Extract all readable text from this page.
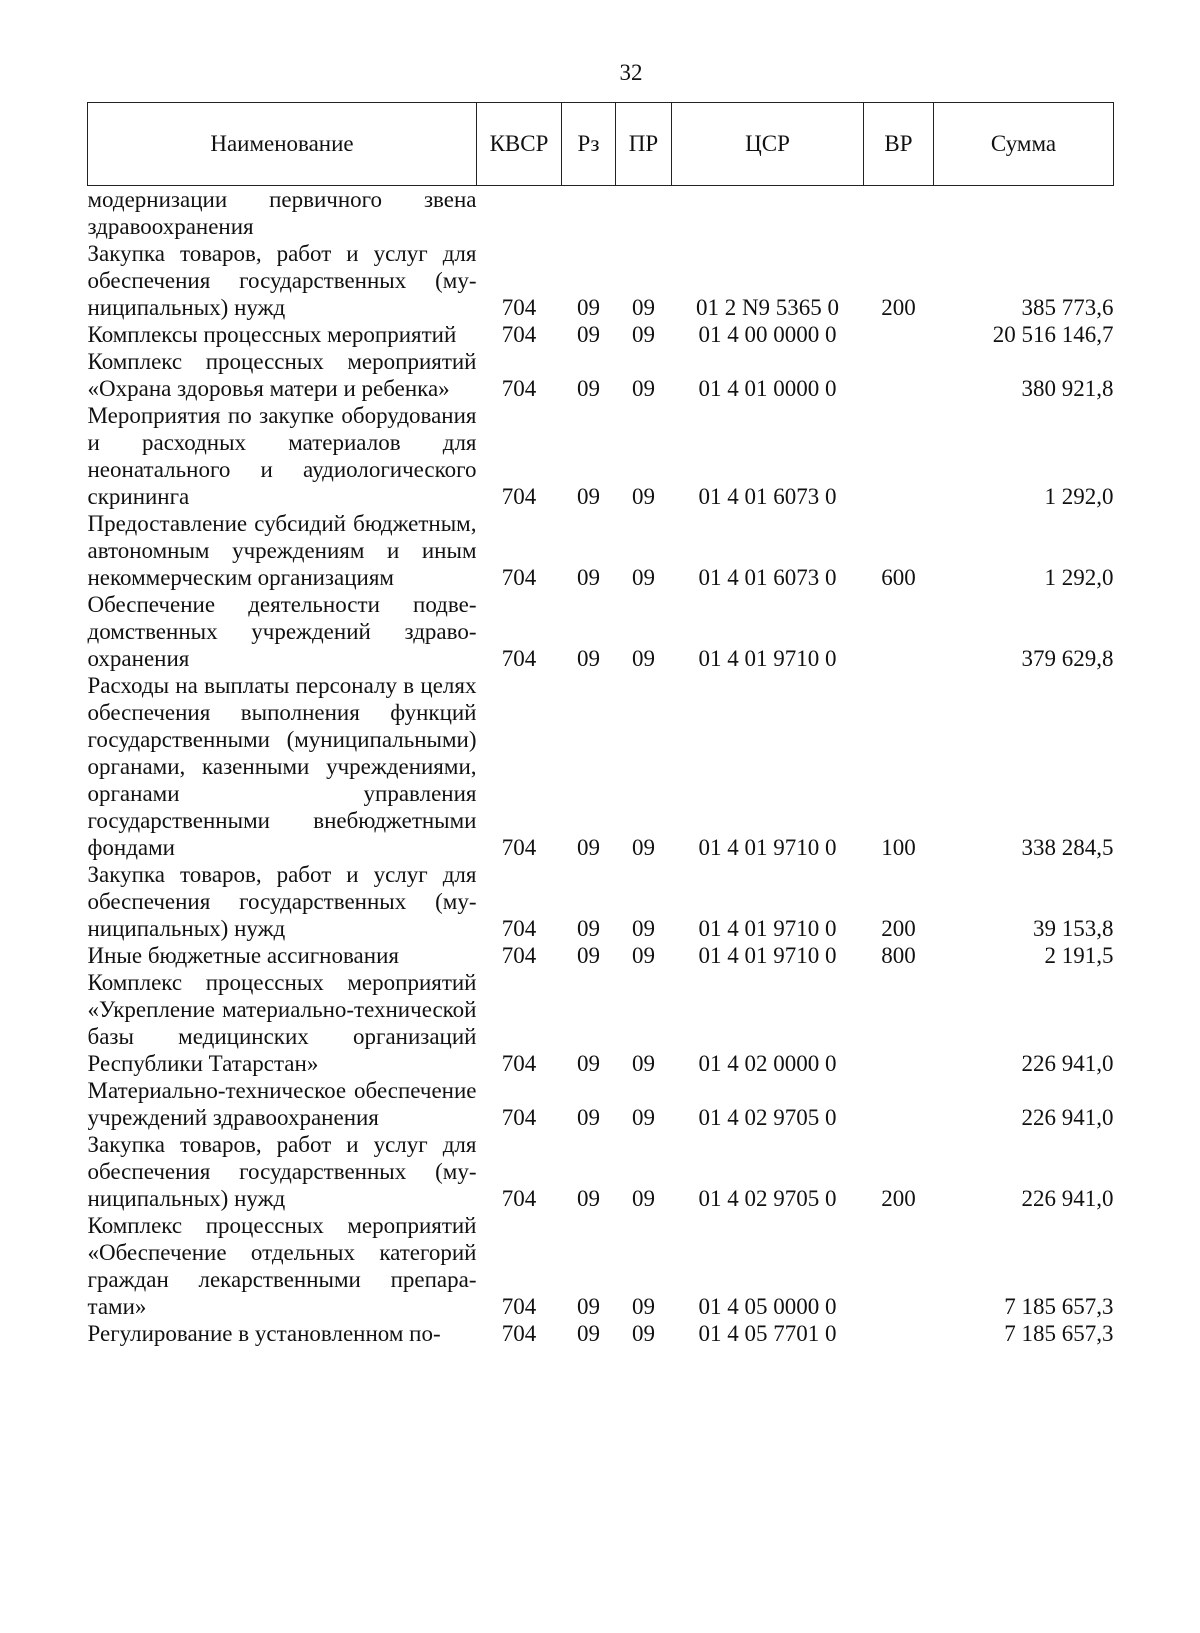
32
Наименование	КВСР	Рз	ПР	ЦСР	ВР	Сумма
модернизации первичного звена здравоохранения						
Закупка товаров, работ и услуг для обеспечения государственных (муниципальных) нужд	704	09	09	01 2 N9 5365 0	200	385 773,6
Комплексы процессных мероприятий	704	09	09	01 4 00 0000 0		20 516 146,7
Комплекс процессных мероприятий «Охрана здоровья матери и ребенка»	704	09	09	01 4 01 0000 0		380 921,8
Мероприятия по закупке оборудования и расходных материалов для неонатального и аудиологического скрининга	704	09	09	01 4 01 6073 0		1 292,0
Предоставление субсидий бюджетным, автономным учреждениям и иным некоммерческим организациям	704	09	09	01 4 01 6073 0	600	1 292,0
Обеспечение деятельности подведомственных учреждений здравоохранения	704	09	09	01 4 01 9710 0		379 629,8
Расходы на выплаты персоналу в целях обеспечения выполнения функций государственными (муниципальными) органами, казенными учреждениями, органами управления государственными внебюджетными фондами	704	09	09	01 4 01 9710 0	100	338 284,5
Закупка товаров, работ и услуг для обеспечения государственных (муниципальных) нужд	704	09	09	01 4 01 9710 0	200	39 153,8
Иные бюджетные ассигнования	704	09	09	01 4 01 9710 0	800	2 191,5
Комплекс процессных мероприятий «Укрепление материально-технической базы медицинских организаций Республики Татарстан»	704	09	09	01 4 02 0000 0		226 941,0
Материально-техническое обеспечение учреждений здравоохранения	704	09	09	01 4 02 9705 0		226 941,0
Закупка товаров, работ и услуг для обеспечения государственных (муниципальных) нужд	704	09	09	01 4 02 9705 0	200	226 941,0
Комплекс процессных мероприятий «Обеспечение отдельных категорий граждан лекарственными препаратами»	704	09	09	01 4 05 0000 0		7 185 657,3
Регулирование в установленном по-	704	09	09	01 4 05 7701 0		7 185 657,3
